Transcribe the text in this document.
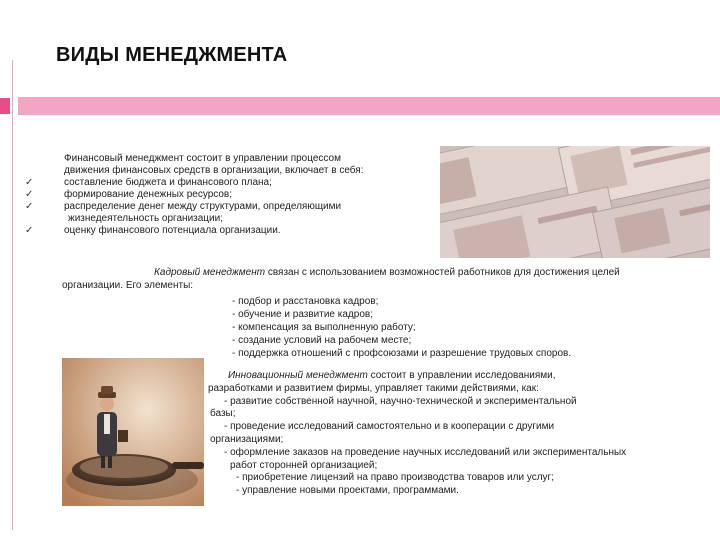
ВИДЫ МЕНЕДЖМЕНТА
Финансовый менеджмент состоит в управлении процессом
движения финансовых средств в организации, включает в себя:
✓	составление бюджета и финансового плана;
✓	формирование денежных ресурсов;
✓	распределение денег между структурами, определяющими
жизнедеятельность организации;
✓	оценку финансового потенциала организации.
Кадровый менеджмент связан с использованием возможностей работников для достижения целей
организации. Его элементы:
- подбор и расстановка кадров;
- обучение и развитие кадров;
- компенсация за выполненную работу;
- создание условий на рабочем месте;
- поддержка отношений с профсоюзами и разрешение трудовых споров.
Инновационный менеджмент состоит в управлении исследованиями,
разработками и развитием фирмы, управляет такими действиями, как:
- развитие собственной научной, научно-технической и экспериментальной
базы;
- проведение исследований самостоятельно и в кооперации с другими
организациями;
- оформление заказов на проведение научных исследований или экспериментальных
работ сторонней организацией;
- приобретение лицензий на право производства товаров или услуг;
- управление новыми проектами, программами.
